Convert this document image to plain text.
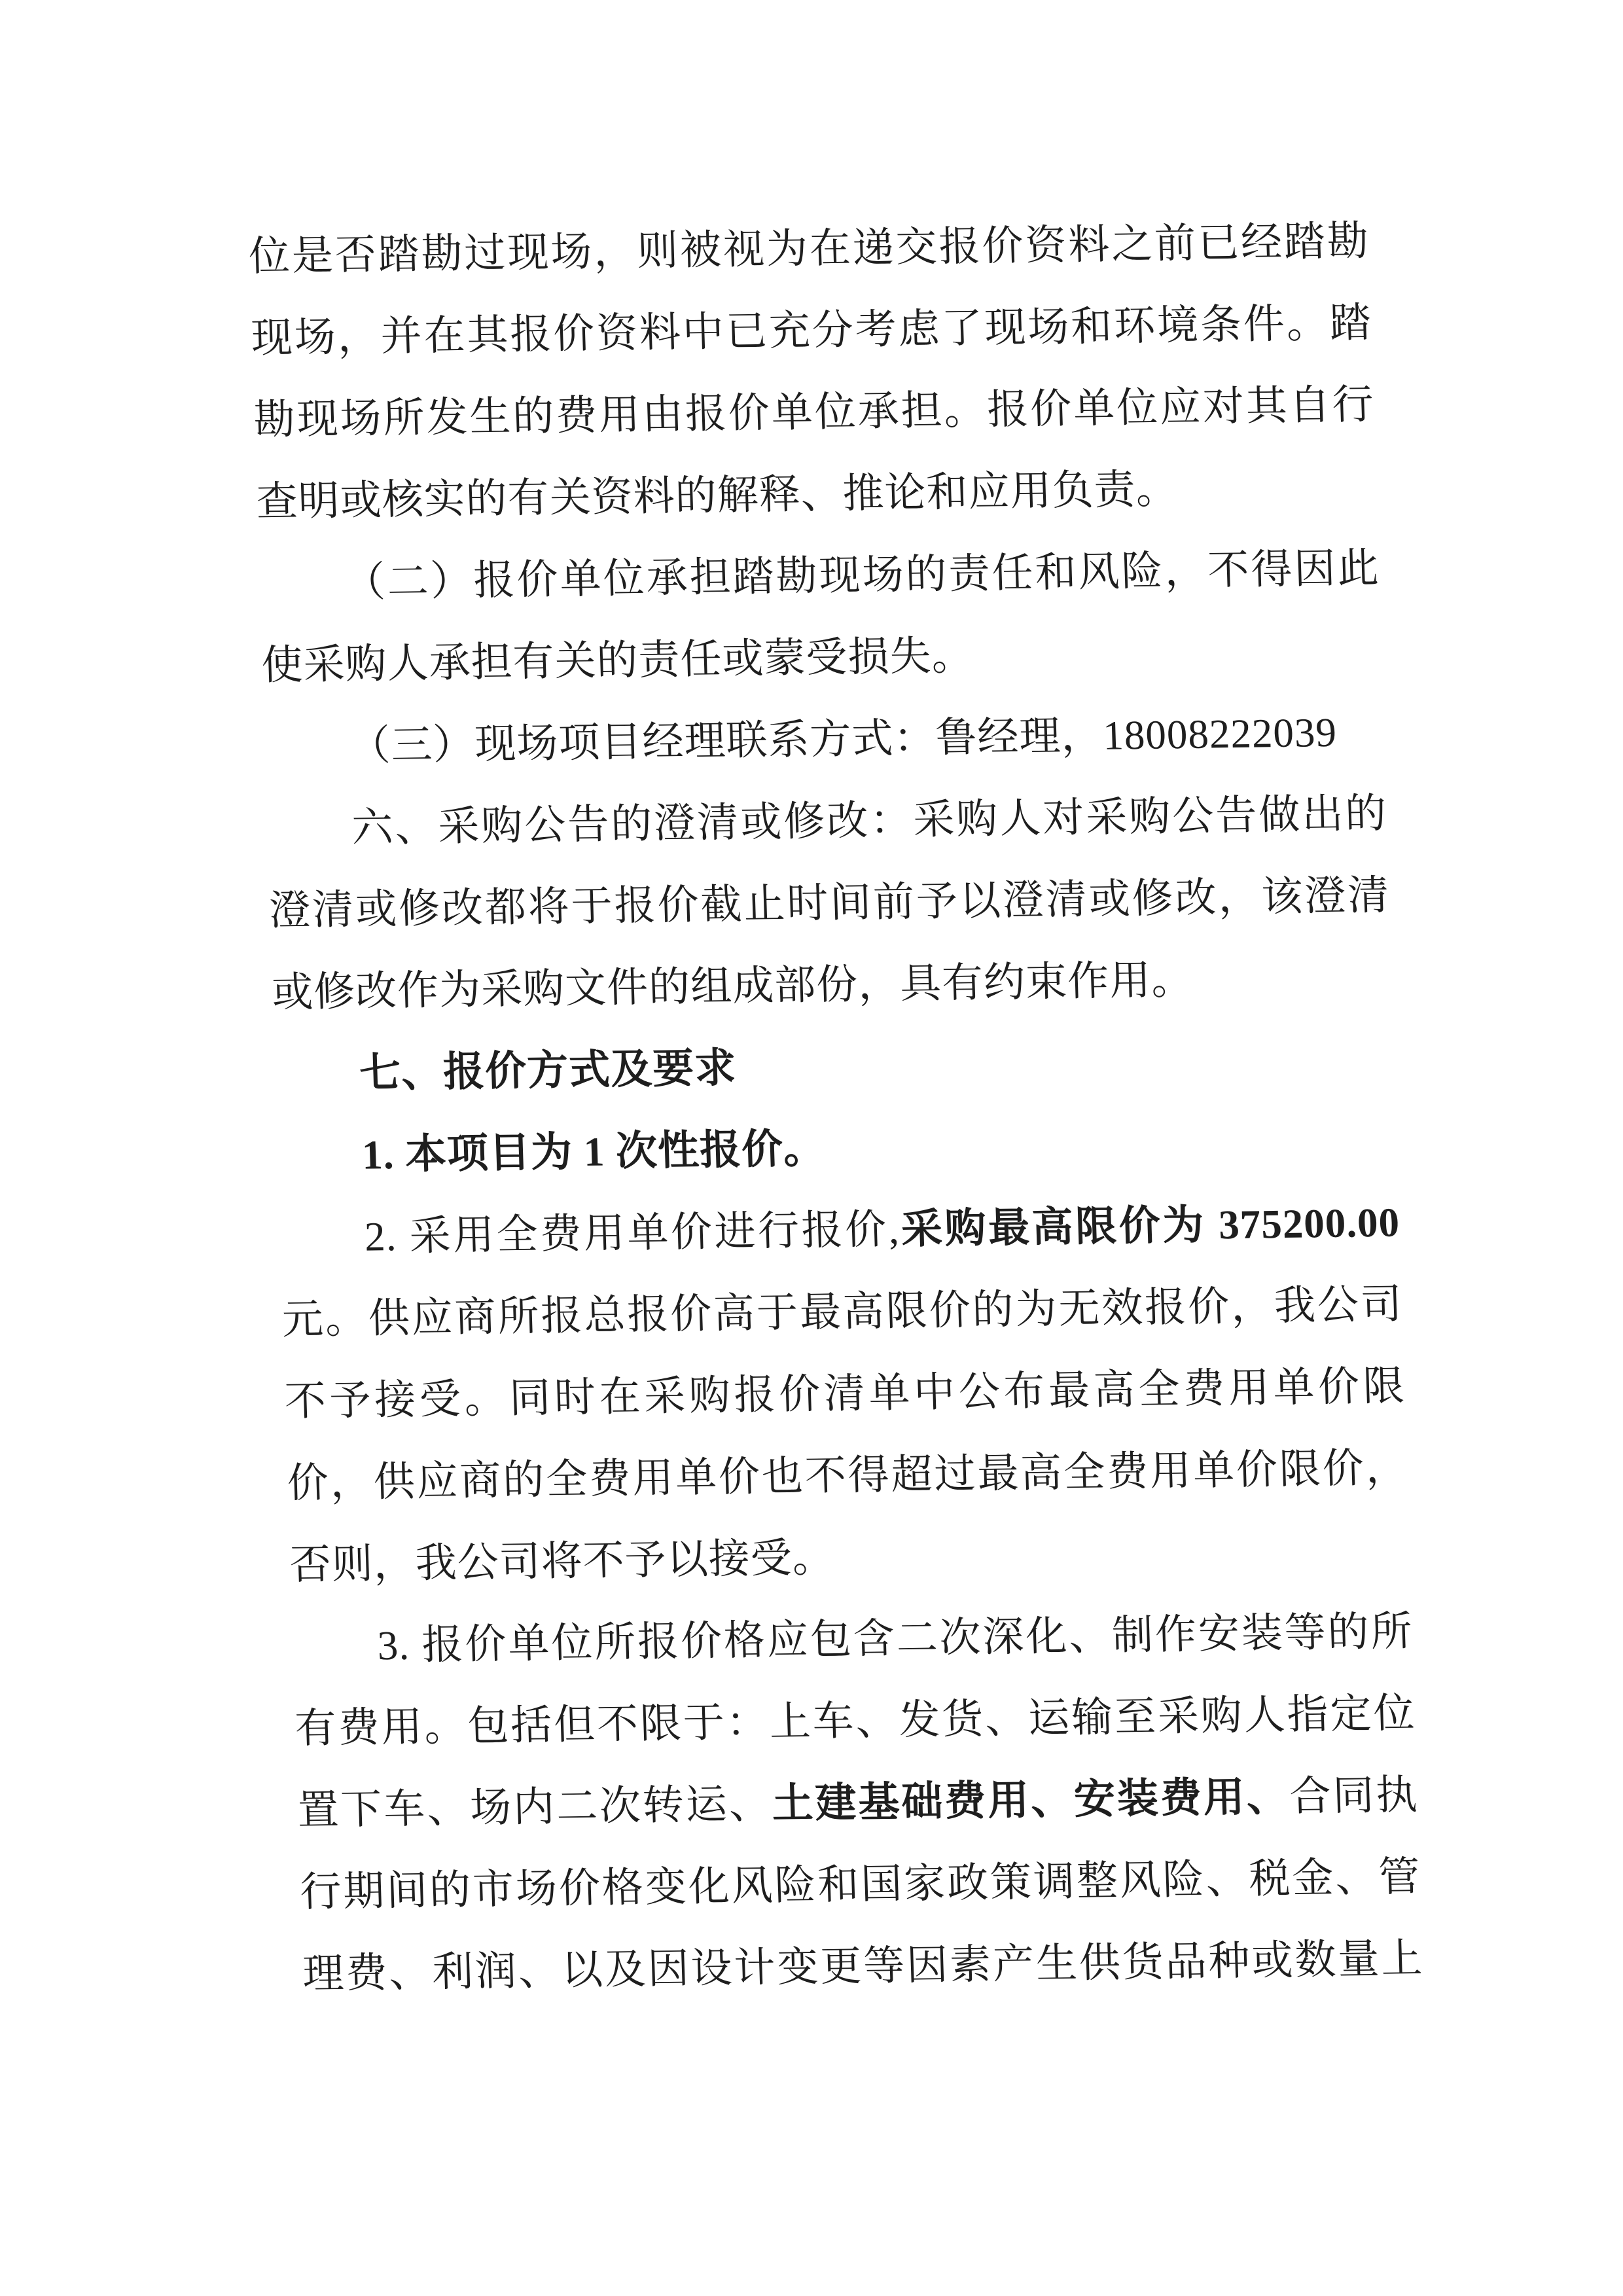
位是否踏勘过现场，则被视为在递交报价资料之前已经踏勘
现场，并在其报价资料中已充分考虑了现场和环境条件。踏
勘现场所发生的费用由报价单位承担。报价单位应对其自行
查明或核实的有关资料的解释、推论和应用负责。
（二）报价单位承担踏勘现场的责任和风险，不得因此
使采购人承担有关的责任或蒙受损失。
（三）现场项目经理联系方式：鲁经理，18008222039
六、采购公告的澄清或修改：采购人对采购公告做出的
澄清或修改都将于报价截止时间前予以澄清或修改，该澄清
或修改作为采购文件的组成部份，具有约束作用。
七、报价方式及要求
1. 本项目为 1 次性报价。
2. 采用全费用单价进行报价,采购最高限价为 375200.00
元。供应商所报总报价高于最高限价的为无效报价，我公司
不予接受。同时在采购报价清单中公布最高全费用单价限
价，供应商的全费用单价也不得超过最高全费用单价限价，
否则，我公司将不予以接受。
3. 报价单位所报价格应包含二次深化、制作安装等的所
有费用。包括但不限于：上车、发货、运输至采购人指定位
置下车、场内二次转运、土建基础费用、安装费用、合同执
行期间的市场价格变化风险和国家政策调整风险、税金、管
理费、利润、以及因设计变更等因素产生供货品种或数量上
